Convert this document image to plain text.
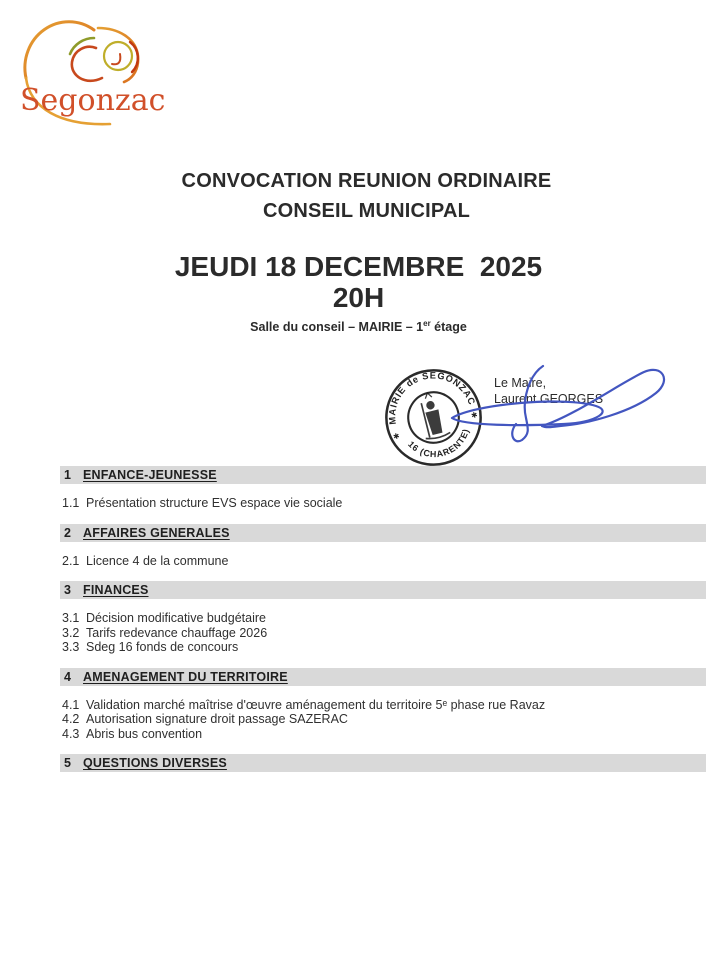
Segonzac
CONVOCATION REUNION ORDINAIRE
CONSEIL MUNICIPAL
JEUDI 18 DECEMBRE  2025
20H
Salle du conseil – MAIRIE – 1er étage
MAIRIE de SEGONZAC
16 (CHARENTE)
✱
✱
Le Maire,
Laurent GEORGES
1 ENFANCE-JEUNESSE
1.1 Présentation structure EVS espace vie sociale
2 AFFAIRES GENERALES
2.1 Licence 4 de la commune
3 FINANCES
3.1 Décision modificative budgétaire
3.2 Tarifs redevance chauffage 2026
3.3 Sdeg 16 fonds de concours
4 AMENAGEMENT DU TERRITOIRE
4.1 Validation marché maîtrise d'œuvre aménagement du territoire 5ᵉ phase rue Ravaz
4.2 Autorisation signature droit passage SAZERAC
4.3 Abris bus convention
5 QUESTIONS DIVERSES
